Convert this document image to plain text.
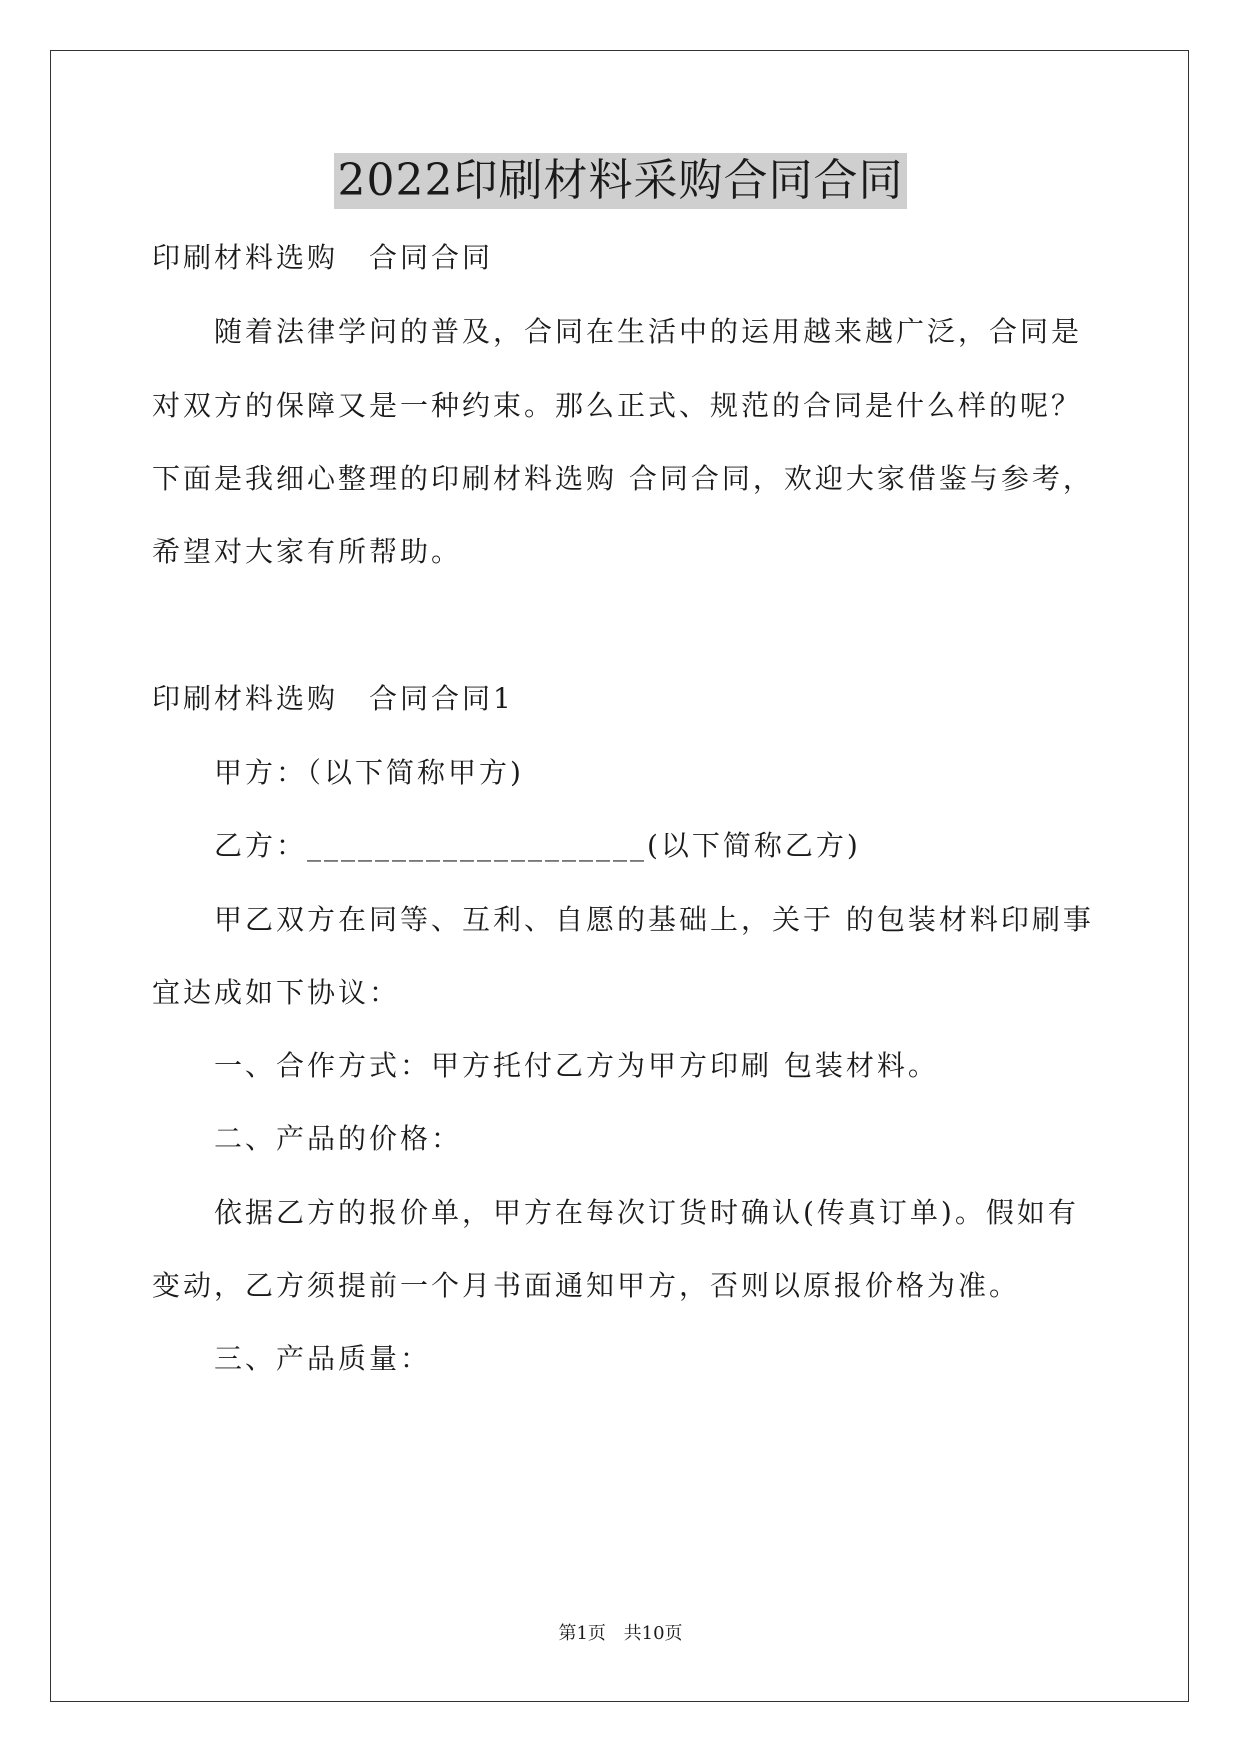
2022印刷材料采购合同合同
印刷材料选购　合同合同
随着法律学问的普及，合同在生活中的运用越来越广泛，合同是
对双方的保障又是一种约束。那么正式、规范的合同是什么样的呢？
下面是我细心整理的印刷材料选购 合同合同，欢迎大家借鉴与参考，
希望对大家有所帮助。
印刷材料选购　合同合同1
甲方：（以下简称甲方)
乙方：____________________(以下简称乙方)
甲乙双方在同等、互利、自愿的基础上，关于 的包装材料印刷事
宜达成如下协议：
一、合作方式：甲方托付乙方为甲方印刷 包装材料。
二、产品的价格：
依据乙方的报价单，甲方在每次订货时确认(传真订单)。假如有
变动，乙方须提前一个月书面通知甲方，否则以原报价格为准。
三、产品质量：
第1页 共10页
